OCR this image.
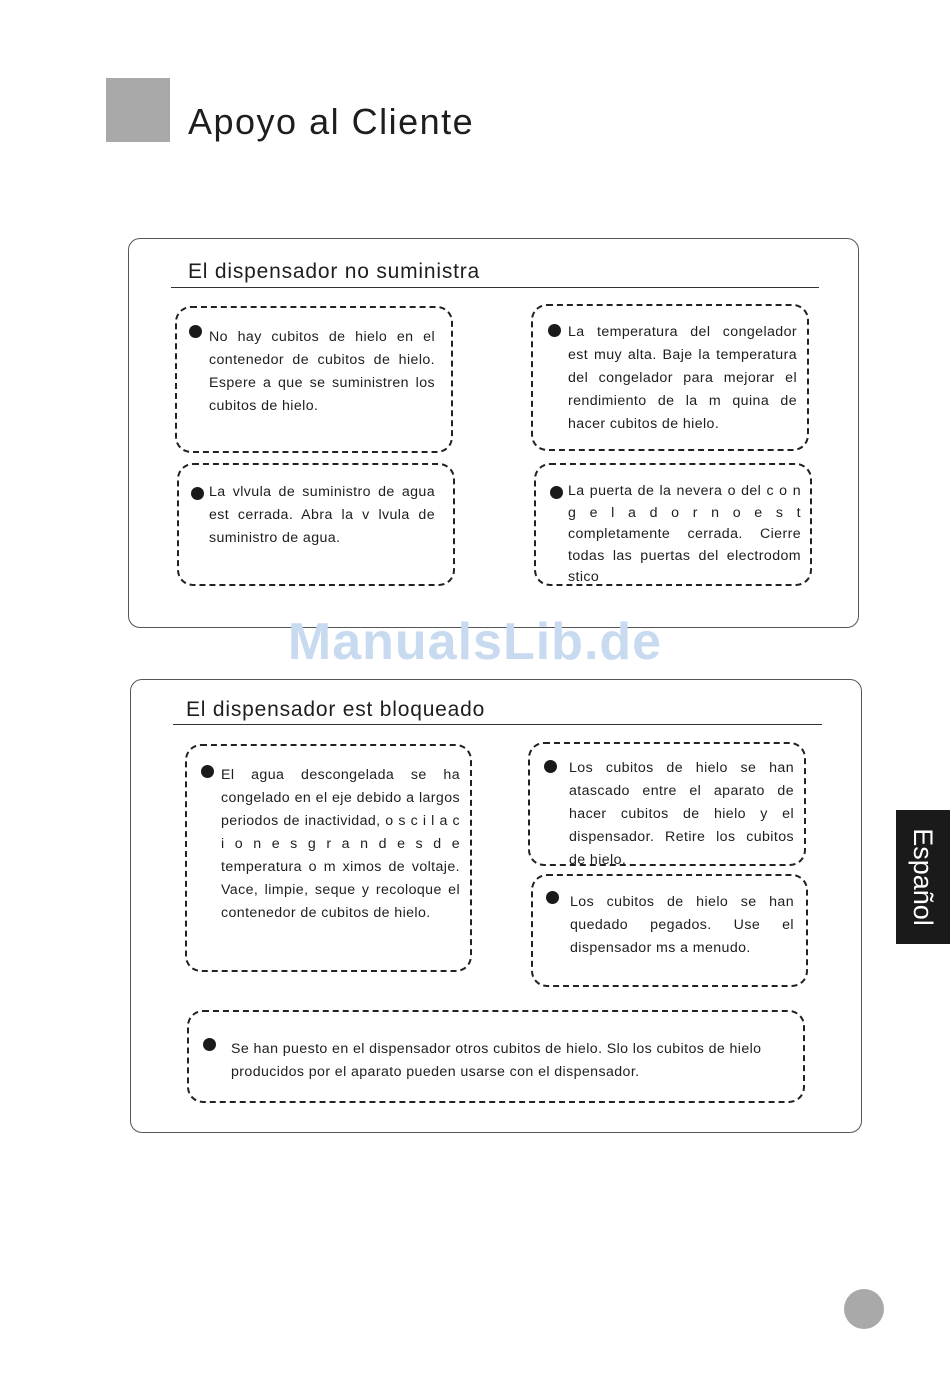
Apoyo al Cliente
El dispensador no suministra

No hay cubitos de hielo en el contenedor de cubitos de hielo. Espere a que se suministren los cubitos de hielo.

La temperatura del congelador est muy alta. Baje la temperatura del congelador para mejorar el rendimiento de la m quina de hacer cubitos de hielo.

La vlvula de suministro de agua est cerrada. Abra la v lvula de suministro de agua.

La puerta de la nevera o del c o n g e l a d o r n o e s t completamente cerrada. Cierre todas las puertas del electrodom stico

ManualsLib.de
El dispensador est bloqueado

El agua descongelada se ha congelado en el eje debido a largos periodos de inactividad, o s c i l a c i o n e s g r a n d e s d e temperatura o m ximos de voltaje. Vace, limpie, seque y recoloque el contenedor de cubitos de hielo.

Los cubitos de hielo se han atascado entre el aparato de hacer cubitos de hielo y el dispensador. Retire los cubitos de hielo.

Los cubitos de hielo se han quedado pegados. Use el dispensador ms a menudo.

Se han puesto en el dispensador otros cubitos de hielo. Slo los cubitos de hielo producidos por el aparato pueden usarse con el dispensador.

Español
